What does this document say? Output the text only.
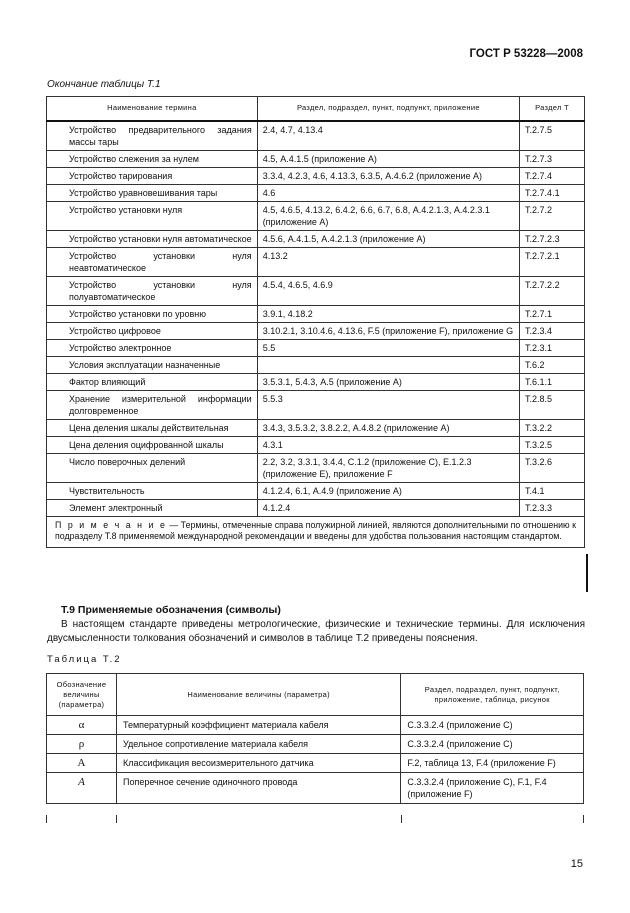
ГОСТ Р 53228—2008
Окончание таблицы Т.1
Наименование термина	Раздел, подраздел, пункт, подпункт, приложение	Раздел Т
Устройство предварительного задания массы тары	2.4, 4.7, 4.13.4	T.2.7.5
Устройство слежения за нулем	4.5, А.4.1.5 (приложение А)	T.2.7.3
Устройство тарирования	3.3.4, 4.2.3, 4.6, 4.13.3, 6.3.5, А.4.6.2 (приложение А)	T.2.7.4
Устройство уравновешивания тары	4.6	T.2.7.4.1
Устройство установки нуля	4.5, 4.6.5, 4.13.2, 6.4.2, 6.6, 6.7, 6.8, А.4.2.1.3, А.4.2.3.1 (приложение А)	T.2.7.2
Устройство установки нуля автоматическое	4.5.6, А.4.1.5, А.4.2.1.3 (приложение А)	T.2.7.2.3
Устройство установки нуля неавтоматическое	4.13.2	T.2.7.2.1
Устройство установки нуля полуавтоматическое	4.5.4, 4.6.5, 4.6.9	T.2.7.2.2
Устройство установки по уровню	3.9.1, 4.18.2	T.2.7.1
Устройство цифровое	3.10.2.1, 3.10.4.6, 4.13.6, F.5 (приложение F), приложение G	T.2.3.4
Устройство электронное	5.5	T.2.3.1
Условия эксплуатации назначенные		T.6.2
Фактор влияющий	3.5.3.1, 5.4.3, А.5 (приложение А)	T.6.1.1
Хранение измерительной информации долговременное	5.5.3	T.2.8.5
Цена деления шкалы действительная	3.4.3, 3.5.3.2, 3.8.2.2, А.4.8.2 (приложение А)	T.3.2.2
Цена деления оцифрованной шкалы	4.3.1	T.3.2.5
Число поверочных делений	2.2, 3.2, 3.3.1, 3.4.4, С.1.2 (приложение С), Е.1.2.3 (приложение Е), приложение F	T.3.2.6
Чувствительность	4.1.2.4, 6.1, А.4.9 (приложение А)	T.4.1
Элемент электронный	4.1.2.4	T.2.3.3
П р и м е ч а н и е — Термины, отмеченные справа полужирной линией, являются дополнительными по отношению к подразделу Т.8 применяемой международной рекомендации и введены для удобства пользования настоящим стандартом.		
Т.9 Применяемые обозначения (символы)
В настоящем стандарте приведены метрологические, физические и технические термины. Для исключения двусмысленности толкования обозначений и символов в таблице Т.2 приведены пояснения.
Таблица Т.2
Обозначение величины (параметра)	Наименование величины (параметра)	Раздел, подраздел, пункт, подпункт, приложение, таблица, рисунок
α	Температурный коэффициент материала кабеля	С.3.3.2.4 (приложение С)
ρ	Удельное сопротивление материала кабеля	С.3.3.2.4 (приложение С)
А	Классификация весоизмерительного датчика	F.2, таблица 13, F.4 (приложение F)
A	Поперечное сечение одиночного провода	С.3.3.2.4 (приложение С), F.1, F.4 (приложение F)
15
